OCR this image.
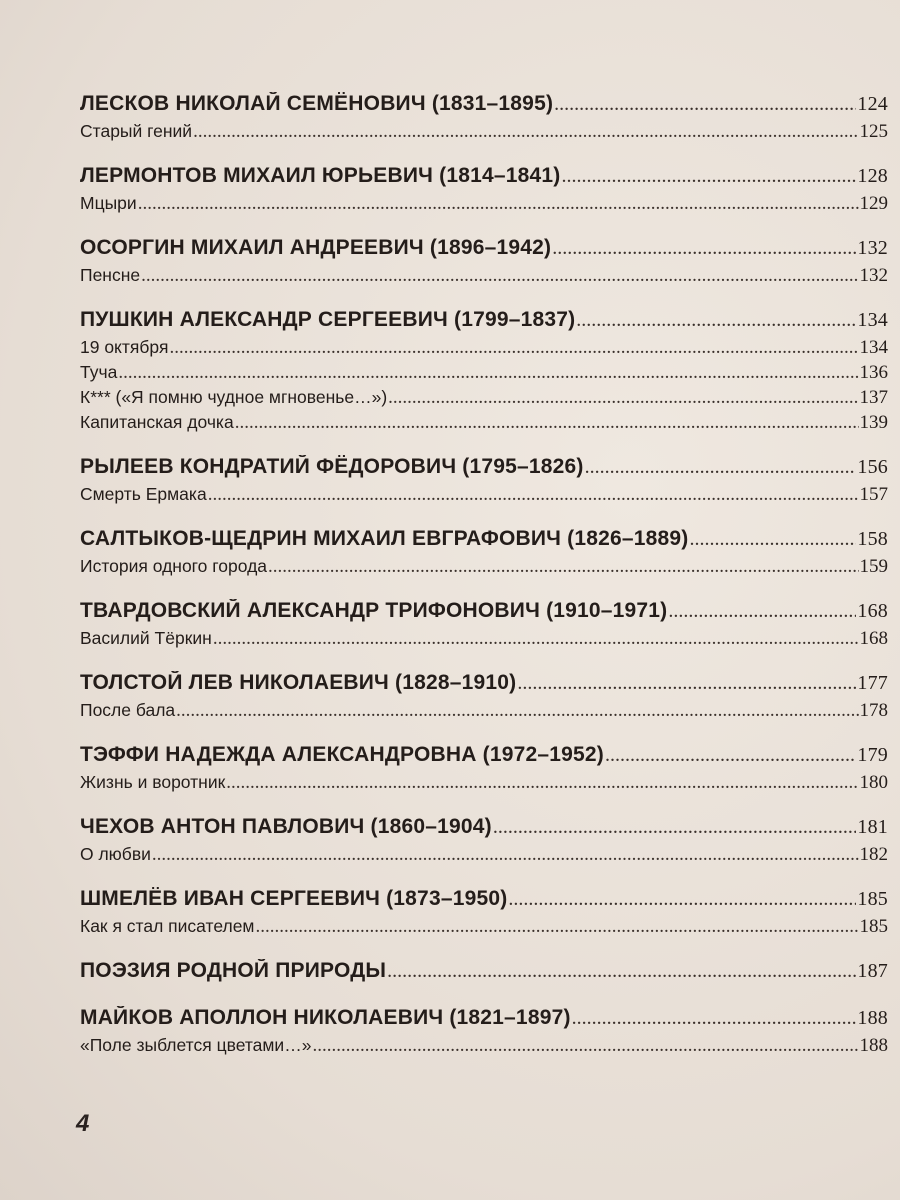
ЛЕСКОВ НИКОЛАЙ СЕМЁНОВИЧ (1831–1895) .....	124
Старый гений .....	125
ЛЕРМОНТОВ МИХАИЛ ЮРЬЕВИЧ (1814–1841) .....	128
Мцыри .....	129
ОСОРГИН МИХАИЛ АНДРЕЕВИЧ (1896–1942) .....	132
Пенсне .....	132
ПУШКИН АЛЕКСАНДР СЕРГЕЕВИЧ (1799–1837) .....	134
19 октября .....	134
Туча .....	136
К*** («Я помню чудное мгновенье…») .....	137
Капитанская дочка .....	139
РЫЛЕЕВ КОНДРАТИЙ ФЁДОРОВИЧ (1795–1826) .....	156
Смерть Ермака .....	157
САЛТЫКОВ-ЩЕДРИН МИХАИЛ ЕВГРАФОВИЧ (1826–1889) .....	158
История одного города .....	159
ТВАРДОВСКИЙ АЛЕКСАНДР ТРИФОНОВИЧ (1910–1971) .....	168
Василий Тёркин .....	168
ТОЛСТОЙ ЛЕВ НИКОЛАЕВИЧ (1828–1910) .....	177
После бала .....	178
ТЭФФИ НАДЕЖДА АЛЕКСАНДРОВНА (1972–1952) .....	179
Жизнь и воротник .....	180
ЧЕХОВ АНТОН ПАВЛОВИЧ (1860–1904) .....	181
О любви .....	182
ШМЕЛЁВ ИВАН СЕРГЕЕВИЧ (1873–1950) .....	185
Как я стал писателем .....	185
ПОЭЗИЯ РОДНОЙ ПРИРОДЫ .....	187
МАЙКОВ АПОЛЛОН НИКОЛАЕВИЧ (1821–1897) .....	188
«Поле зыблется цветами…» .....	188
4
